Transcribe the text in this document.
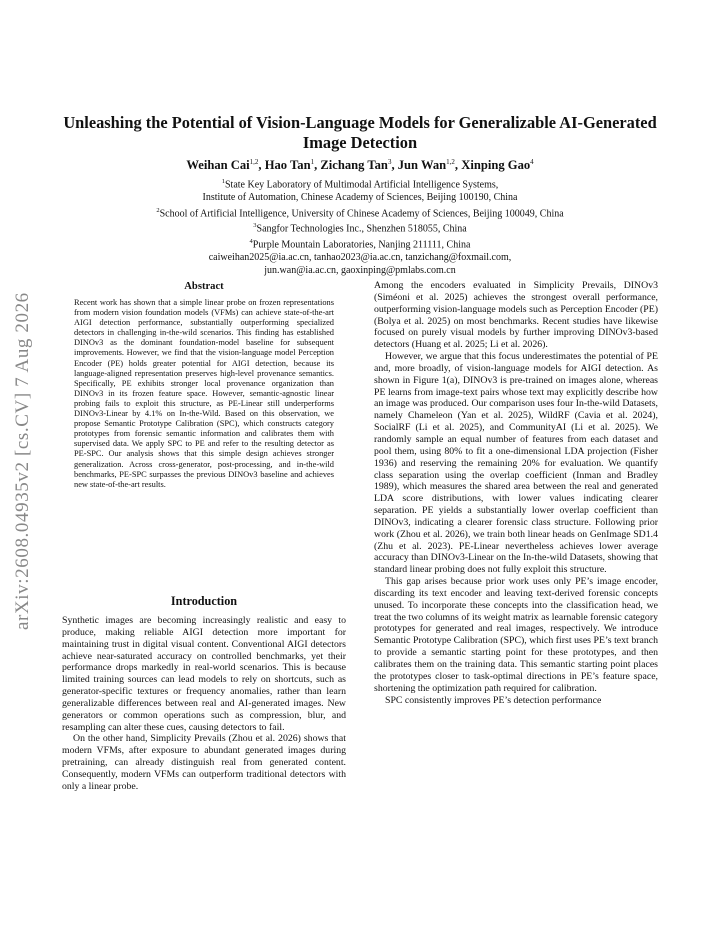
arXiv:2608.04935v2 [cs.CV] 7 Aug 2026
Unleashing the Potential of Vision-Language Models for Generalizable AI-Generated Image Detection
Weihan Cai$^{1,2}$, Hao Tan$^1$, Zichang Tan$^3$, Jun Wan$^{1,2}$, Xinping Gao$^4$
$^1$State Key Laboratory of Multimodal Artificial Intelligence Systems,
Institute of Automation, Chinese Academy of Sciences, Beijing 100190, China
$^2$School of Artificial Intelligence, University of Chinese Academy of Sciences, Beijing 100049, China
$^3$Sangfor Technologies Inc., Shenzhen 518055, China
$^4$Purple Mountain Laboratories, Nanjing 211111, China
caiweihan2025@ia.ac.cn, tanhao2023@ia.ac.cn, tanzichang@foxmail.com,
jun.wan@ia.ac.cn, gaoxinping@pmlabs.com.cn
Abstract
Recent work has shown that a simple linear probe on frozen representations from modern vision foundation models (VFMs) can achieve state-of-the-art AIGI detection performance, substantially outperforming specialized detectors in challenging in-the-wild scenarios. This finding has established DINOv3 as the dominant foundation-model baseline for subsequent improvements. However, we find that the vision-language model Perception Encoder (PE) holds greater potential for AIGI detection, because its language-aligned representation preserves high-level provenance semantics. Specifically, PE exhibits stronger local provenance organization than DINOv3 in its frozen feature space. However, semantic-agnostic linear probing fails to exploit this structure, as PE-Linear still underperforms DINOv3-Linear by 4.1% on In-the-Wild. Based on this observation, we propose Semantic Prototype Calibration (SPC), which constructs category prototypes from forensic semantic information and calibrates them with supervised data. We apply SPC to PE and refer to the resulting detector as PE-SPC. Our analysis shows that this simple design achieves stronger generalization. Across cross-generator, post-processing, and in-the-wild benchmarks, PE-SPC surpasses the previous DINOv3 baseline and achieves new state-of-the-art results.
Introduction

Synthetic images are becoming increasingly realistic and easy to produce, making reliable AIGI detection more important for maintaining trust in digital visual content. Conventional AIGI detectors achieve near-saturated accuracy on controlled benchmarks, yet their performance drops markedly in real-world scenarios. This is because limited training sources can lead models to rely on shortcuts, such as generator-specific textures or frequency anomalies, rather than learn generalizable differences between real and AI-generated images. New generators or common operations such as compression, blur, and resampling can alter these cues, causing detectors to fail.

On the other hand, Simplicity Prevails (Zhou et al. 2026) shows that modern VFMs, after exposure to abundant generated images during pretraining, can already distinguish real from generated content. Consequently, modern VFMs can outperform traditional detectors with only a linear probe.

Among the encoders evaluated in Simplicity Prevails, DINOv3 (Siméoni et al. 2025) achieves the strongest overall performance, outperforming vision-language models such as Perception Encoder (PE) (Bolya et al. 2025) on most benchmarks. Recent studies have likewise focused on purely visual models by further improving DINOv3-based detectors (Huang et al. 2025; Li et al. 2026).

However, we argue that this focus underestimates the potential of PE and, more broadly, of vision-language models for AIGI detection. As shown in Figure 1(a), DINOv3 is pre-trained on images alone, whereas PE learns from image-text pairs whose text may explicitly describe how an image was produced. Our comparison uses four In-the-wild Datasets, namely Chameleon (Yan et al. 2025), WildRF (Cavia et al. 2024), SocialRF (Li et al. 2025), and CommunityAI (Li et al. 2025). We randomly sample an equal number of features from each dataset and pool them, using 80% to fit a one-dimensional LDA projection (Fisher 1936) and reserving the remaining 20% for evaluation. We quantify class separation using the overlap coefficient (Inman and Bradley 1989), which measures the shared area between the real and generated LDA score distributions, with lower values indicating clearer separation. PE yields a substantially lower overlap coefficient than DINOv3, indicating a clearer forensic class structure. Following prior work (Zhou et al. 2026), we train both linear heads on GenImage SD1.4 (Zhu et al. 2023). PE-Linear nevertheless achieves lower average accuracy than DINOv3-Linear on the In-the-wild Datasets, showing that standard linear probing does not fully exploit this structure.

This gap arises because prior work uses only PE’s image encoder, discarding its text encoder and leaving text-derived forensic concepts unused. To incorporate these concepts into the classification head, we treat the two columns of its weight matrix as learnable forensic category prototypes for generated and real images, respectively. We introduce Semantic Prototype Calibration (SPC), which first uses PE’s text branch to provide a semantic starting point for these prototypes, and then calibrates them on the training data. This semantic starting point places the prototypes closer to task-optimal directions in PE’s feature space, shortening the optimization path required for calibration.

SPC consistently improves PE’s detection performance
